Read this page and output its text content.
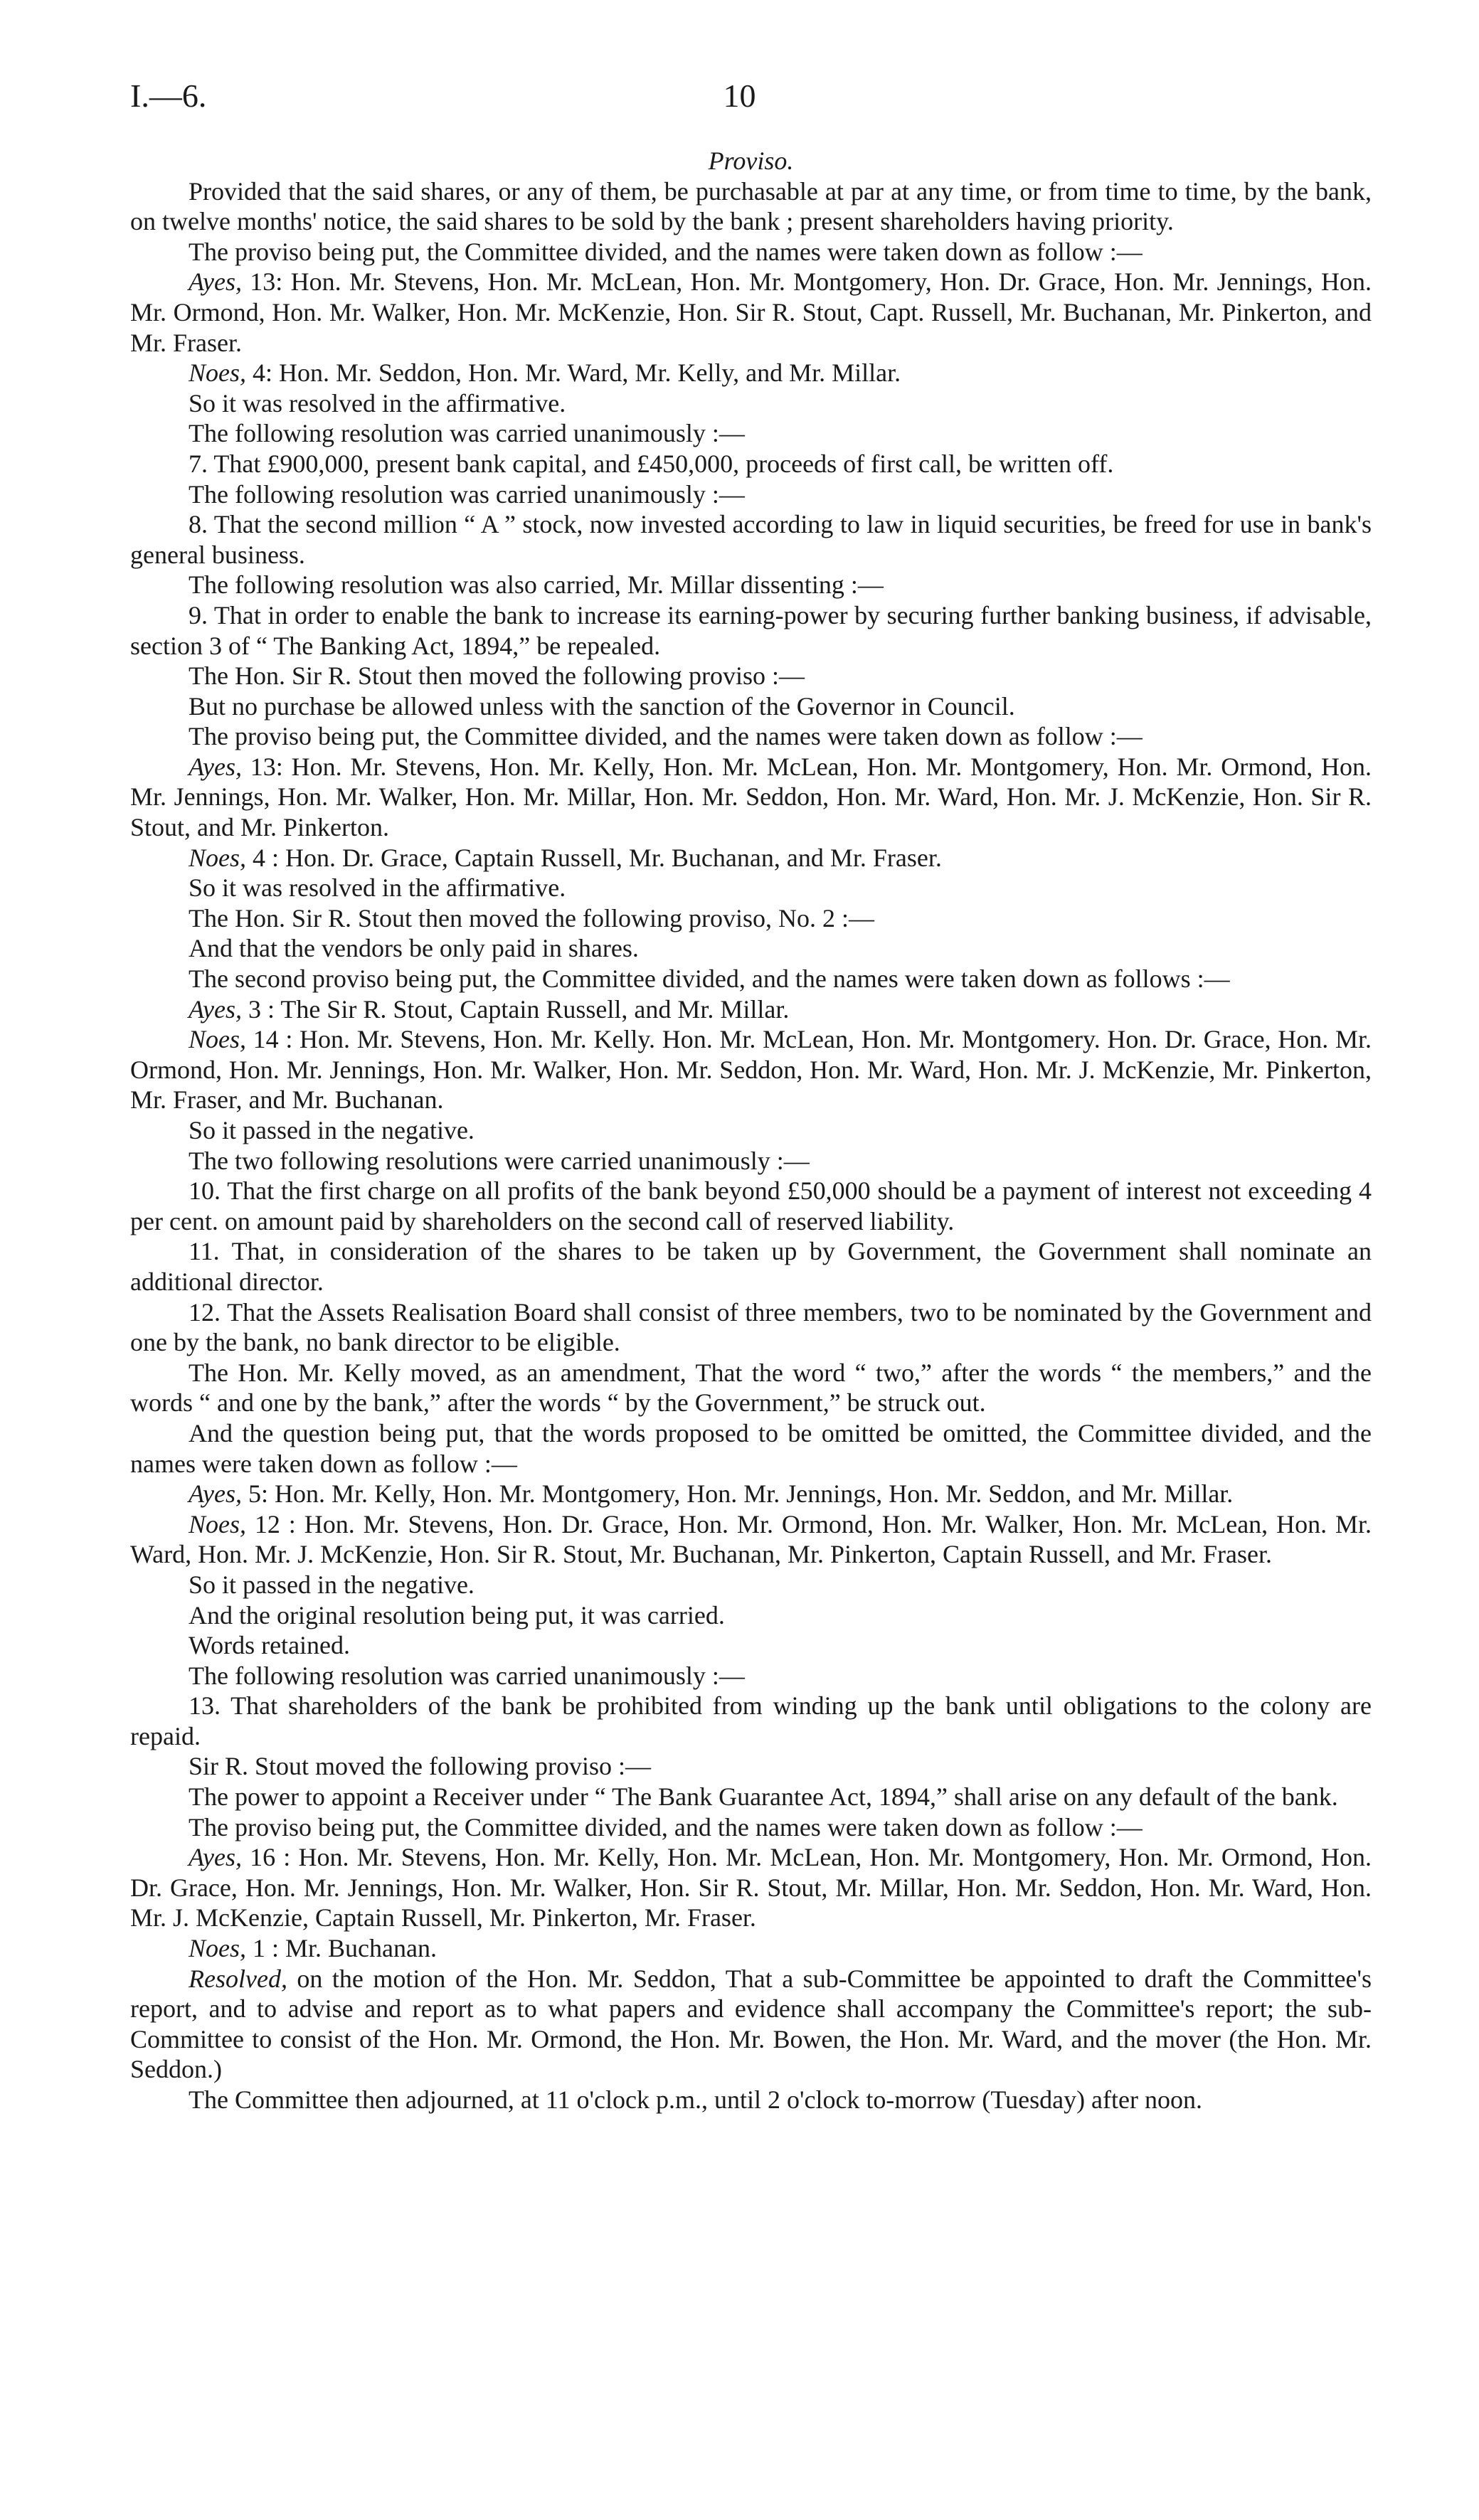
I.—6.	10
Proviso.

Provided that the said shares, or any of them, be purchasable at par at any time, or from time to time, by the bank, on twelve months' notice, the said shares to be sold by the bank ; present shareholders having priority.

The proviso being put, the Committee divided, and the names were taken down as follow :—

Ayes, 13: Hon. Mr. Stevens, Hon. Mr. McLean, Hon. Mr. Montgomery, Hon. Dr. Grace, Hon. Mr. Jennings, Hon. Mr. Ormond, Hon. Mr. Walker, Hon. Mr. McKenzie, Hon. Sir R. Stout, Capt. Russell, Mr. Buchanan, Mr. Pinkerton, and Mr. Fraser.

Noes, 4: Hon. Mr. Seddon, Hon. Mr. Ward, Mr. Kelly, and Mr. Millar.

So it was resolved in the affirmative.

The following resolution was carried unanimously :—

7. That £900,000, present bank capital, and £450,000, proceeds of first call, be written off.

The following resolution was carried unanimously :—

8. That the second million “ A ” stock, now invested according to law in liquid securities, be freed for use in bank's general business.

The following resolution was also carried, Mr. Millar dissenting :—

9. That in order to enable the bank to increase its earning-power by securing further banking business, if advisable, section 3 of “ The Banking Act, 1894,” be repealed.

The Hon. Sir R. Stout then moved the following proviso :—

But no purchase be allowed unless with the sanction of the Governor in Council.

The proviso being put, the Committee divided, and the names were taken down as follow :—

Ayes, 13: Hon. Mr. Stevens, Hon. Mr. Kelly, Hon. Mr. McLean, Hon. Mr. Montgomery, Hon. Mr. Ormond, Hon. Mr. Jennings, Hon. Mr. Walker, Hon. Mr. Millar, Hon. Mr. Seddon, Hon. Mr. Ward, Hon. Mr. J. McKenzie, Hon. Sir R. Stout, and Mr. Pinkerton.

Noes, 4 : Hon. Dr. Grace, Captain Russell, Mr. Buchanan, and Mr. Fraser.

So it was resolved in the affirmative.

The Hon. Sir R. Stout then moved the following proviso, No. 2 :—

And that the vendors be only paid in shares.

The second proviso being put, the Committee divided, and the names were taken down as follows :—

Ayes, 3 : The Sir R. Stout, Captain Russell, and Mr. Millar.

Noes, 14 : Hon. Mr. Stevens, Hon. Mr. Kelly. Hon. Mr. McLean, Hon. Mr. Montgomery. Hon. Dr. Grace, Hon. Mr. Ormond, Hon. Mr. Jennings, Hon. Mr. Walker, Hon. Mr. Seddon, Hon. Mr. Ward, Hon. Mr. J. McKenzie, Mr. Pinkerton, Mr. Fraser, and Mr. Buchanan.

So it passed in the negative.

The two following resolutions were carried unanimously :—

10. That the first charge on all profits of the bank beyond £50,000 should be a payment of interest not exceeding 4 per cent. on amount paid by shareholders on the second call of reserved liability.

11. That, in consideration of the shares to be taken up by Government, the Government shall nominate an additional director.

12. That the Assets Realisation Board shall consist of three members, two to be nominated by the Government and one by the bank, no bank director to be eligible.

The Hon. Mr. Kelly moved, as an amendment, That the word “ two,” after the words “ the members,” and the words “ and one by the bank,” after the words “ by the Government,” be struck out.

And the question being put, that the words proposed to be omitted be omitted, the Committee divided, and the names were taken down as follow :—

Ayes, 5: Hon. Mr. Kelly, Hon. Mr. Montgomery, Hon. Mr. Jennings, Hon. Mr. Seddon, and Mr. Millar.

Noes, 12 : Hon. Mr. Stevens, Hon. Dr. Grace, Hon. Mr. Ormond, Hon. Mr. Walker, Hon. Mr. McLean, Hon. Mr. Ward, Hon. Mr. J. McKenzie, Hon. Sir R. Stout, Mr. Buchanan, Mr. Pinkerton, Captain Russell, and Mr. Fraser.

So it passed in the negative.

And the original resolution being put, it was carried.

Words retained.

The following resolution was carried unanimously :—

13. That shareholders of the bank be prohibited from winding up the bank until obligations to the colony are repaid.

Sir R. Stout moved the following proviso :—

The power to appoint a Receiver under “ The Bank Guarantee Act, 1894,” shall arise on any default of the bank.

The proviso being put, the Committee divided, and the names were taken down as follow :—

Ayes, 16 : Hon. Mr. Stevens, Hon. Mr. Kelly, Hon. Mr. McLean, Hon. Mr. Montgomery, Hon. Mr. Ormond, Hon. Dr. Grace, Hon. Mr. Jennings, Hon. Mr. Walker, Hon. Sir R. Stout, Mr. Millar, Hon. Mr. Seddon, Hon. Mr. Ward, Hon. Mr. J. McKenzie, Captain Russell, Mr. Pinkerton, Mr. Fraser.

Noes, 1 : Mr. Buchanan.

Resolved, on the motion of the Hon. Mr. Seddon, That a sub-Committee be appointed to draft the Committee's report, and to advise and report as to what papers and evidence shall accompany the Committee's report; the sub-Committee to consist of the Hon. Mr. Ormond, the Hon. Mr. Bowen, the Hon. Mr. Ward, and the mover (the Hon. Mr. Seddon.)

The Committee then adjourned, at 11 o'clock p.m., until 2 o'clock to-morrow (Tuesday) after noon.
